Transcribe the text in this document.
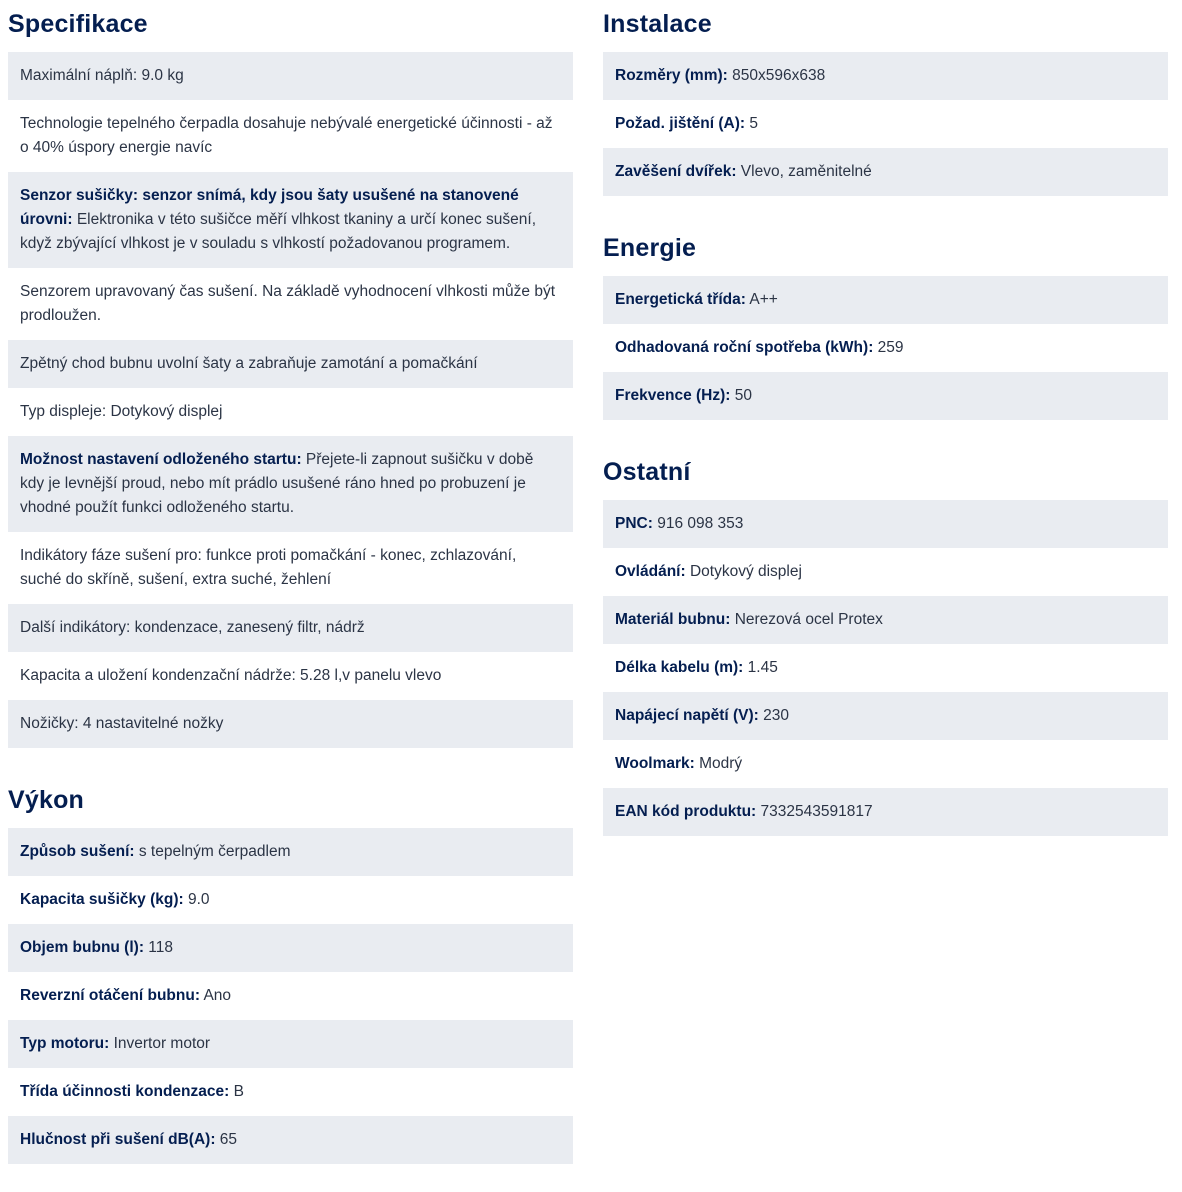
Specifikace
Maximální náplň: 9.0 kg
Technologie tepelného čerpadla dosahuje nebývalé energetické účinnosti - až o 40% úspory energie navíc
Senzor sušičky: senzor snímá, kdy jsou šaty usušené na stanovené úrovni: Elektronika v této sušičce měří vlhkost tkaniny a určí konec sušení, když zbývající vlhkost je v souladu s vlhkostí požadovanou programem.
Senzorem upravovaný čas sušení. Na základě vyhodnocení vlhkosti může být prodloužen.
Zpětný chod bubnu uvolní šaty a zabraňuje zamotání a pomačkání
Typ displeje: Dotykový displej
Možnost nastavení odloženého startu: Přejete-li zapnout sušičku v době kdy je levnější proud, nebo mít prádlo usušené ráno hned po probuzení je vhodné použít funkci odloženého startu.
Indikátory fáze sušení pro: funkce proti pomačkání - konec, zchlazování, suché do skříně, sušení, extra suché, žehlení
Další indikátory: kondenzace, zanesený filtr, nádrž
Kapacita a uložení kondenzační nádrže: 5.28 l,v panelu vlevo
Nožičky: 4 nastavitelné nožky
Výkon
Způsob sušení: s tepelným čerpadlem
Kapacita sušičky (kg): 9.0
Objem bubnu (l): 118
Reverzní otáčení bubnu: Ano
Typ motoru: Invertor motor
Třída účinnosti kondenzace: B
Hlučnost při sušení dB(A): 65
Instalace
Rozměry (mm): 850x596x638
Požad. jištění (A): 5
Zavěšení dvířek: Vlevo, zaměnitelné
Energie
Energetická třída: A++
Odhadovaná roční spotřeba (kWh): 259
Frekvence (Hz): 50
Ostatní
PNC: 916 098 353
Ovládání: Dotykový displej
Materiál bubnu: Nerezová ocel Protex
Délka kabelu (m): 1.45
Napájecí napětí (V): 230
Woolmark: Modrý
EAN kód produktu: 7332543591817
